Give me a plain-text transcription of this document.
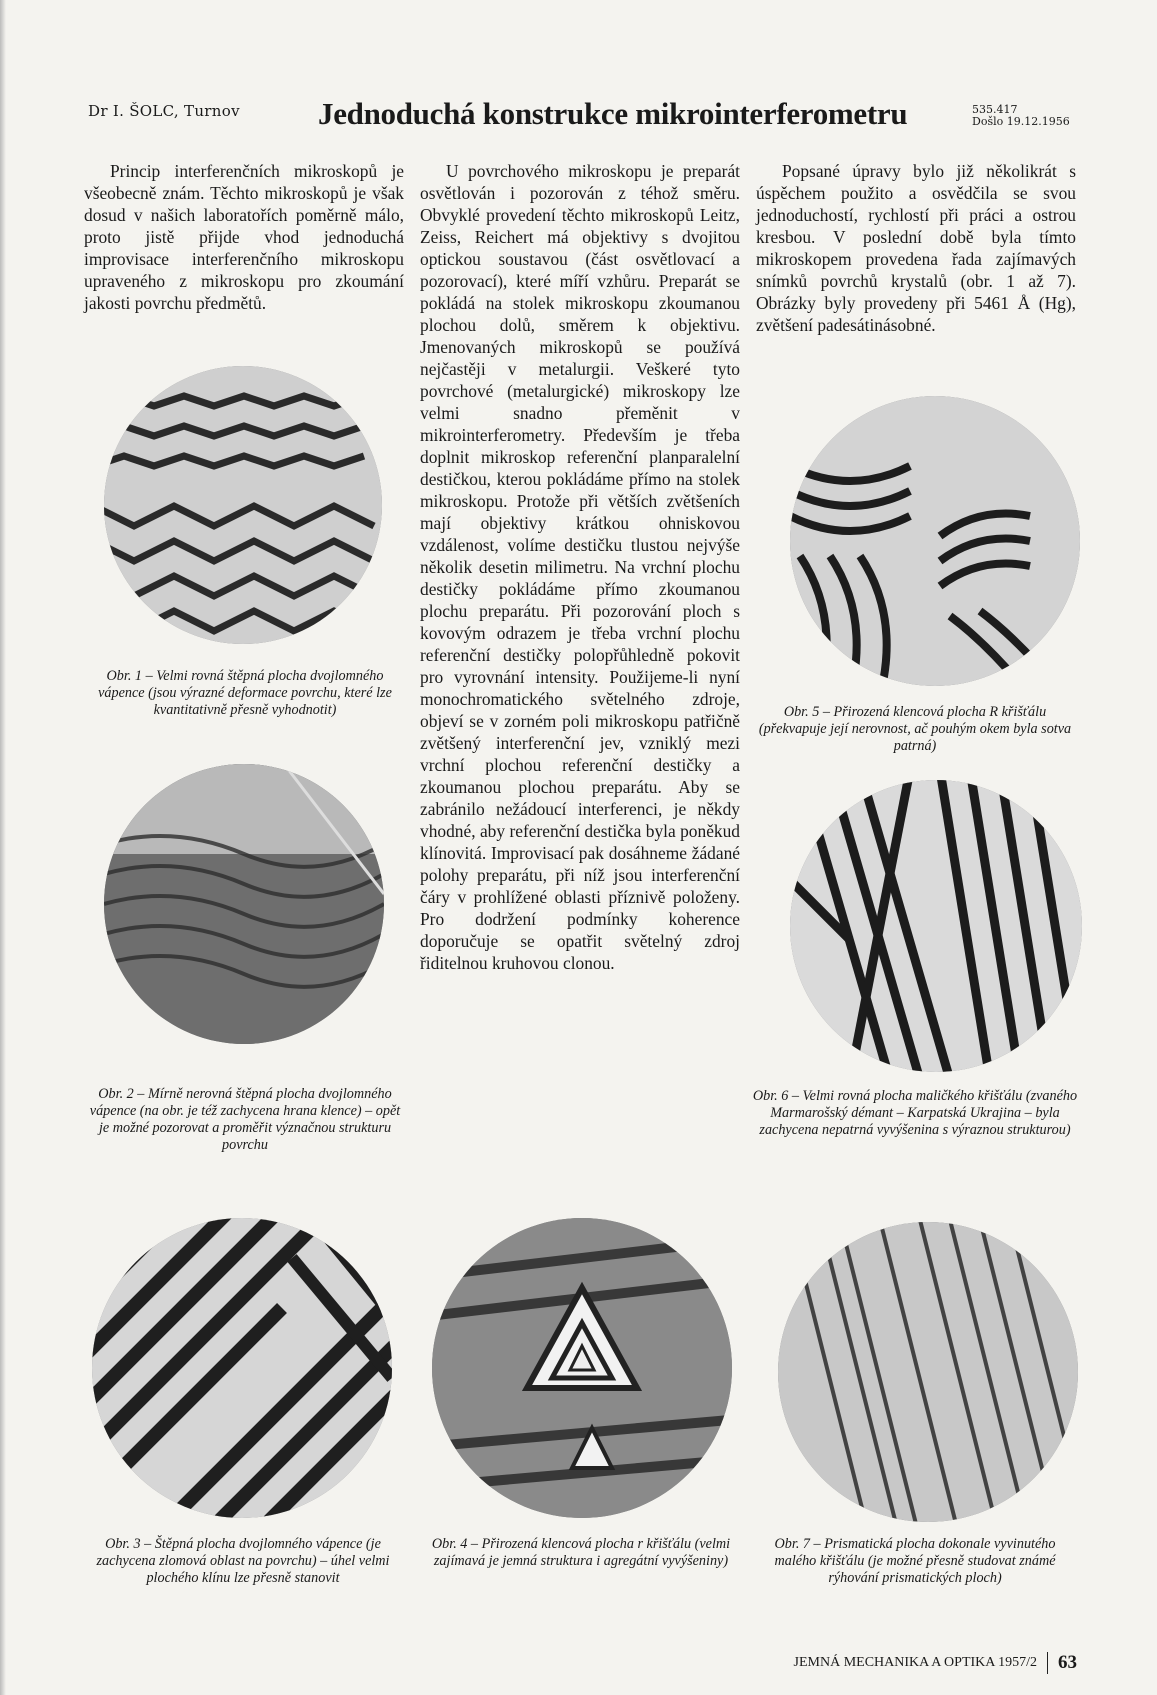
Dr I. ŠOLC, Turnov	Jednoduchá konstrukce mikrointerferometru	535.417
Došlo 19.12.1956

Princip interferenčních mikroskopů je všeobecně znám. Těchto mikroskopů je však dosud v našich laboratořích poměrně málo, proto jistě přijde vhod jednoduchá improvisace interferenčního mikroskopu upraveného z mikroskopu pro zkoumání jakosti povrchu předmětů.

U povrchového mikroskopu je preparát osvětlován i pozorován z téhož směru. Obvyklé provedení těchto mikroskopů Leitz, Zeiss, Reichert má objektivy s dvojitou optickou soustavou (část osvětlovací a pozorovací), které míří vzhůru. Preparát se pokládá na stolek mikroskopu zkoumanou plochou dolů, směrem k objektivu. Jmenovaných mikroskopů se používá nejčastěji v metalurgii. Veškeré tyto povrchové (metalurgické) mikroskopy lze velmi snadno přeměnit v mikrointerferometry. Především je třeba doplnit mikroskop referenční planparalelní destičkou, kterou pokládáme přímo na stolek mikroskopu. Protože při větších zvětšeních mají objektivy krátkou ohniskovou vzdálenost, volíme destičku tlustou nejvýše několik desetin milimetru. Na vrchní plochu destičky pokládáme přímo zkoumanou plochu preparátu. Při pozorování ploch s kovovým odrazem je třeba vrchní plochu referenční destičky polopřůhledně pokovit pro vyrovnání intensity. Použijeme-li nyní monochromatického světelného zdroje, objeví se v zorném poli mikroskopu patřičně zvětšený interferenční jev, vzniklý mezi vrchní plochou referenční destičky a zkoumanou plochou preparátu. Aby se zabránilo nežádoucí interferenci, je někdy vhodné, aby referenční destička byla poněkud klínovitá. Improvisací pak dosáhneme žádané polohy preparátu, při níž jsou interferenční čáry v prohlížené oblasti příznivě položeny. Pro dodržení podmínky koherence doporučuje se opatřit světelný zdroj řiditelnou kruhovou clonou.

Popsané úpravy bylo již několikrát s úspěchem použito a osvědčila se svou jednoduchostí, rychlostí při práci a ostrou kresbou. V poslední době byla tímto mikroskopem provedena řada zajímavých snímků povrchů krystalů (obr. 1 až 7). Obrázky byly provedeny při 5461 Å (Hg), zvětšení padesátinásobné.

Obr. 1 – Velmi rovná štěpná plocha dvojlomného vápence (jsou výrazné deformace povrchu, které lze kvantitativně přesně vyhodnotit)
Obr. 2 – Mírně nerovná štěpná plocha dvojlomného vápence (na obr. je též zachycena hrana klence) – opět je možné pozorovat a proměřit význačnou strukturu povrchu
Obr. 3 – Štěpná plocha dvojlomného vápence (je zachycena zlomová oblast na povrchu) – úhel velmi plochého klínu lze přesně stanovit
Obr. 4 – Přirozená klencová plocha r křišťálu (velmi zajímavá je jemná struktura i agregátní vyvýšeniny)
Obr. 5 – Přirozená klencová plocha R křišťálu (překvapuje její nerovnost, ač pouhým okem byla sotva patrná)
Obr. 6 – Velmi rovná plocha maličkého křišťálu (zvaného Marmarošský démant – Karpatská Ukrajina – byla zachycena nepatrná vyvýšenina s výraznou strukturou)
Obr. 7 – Prismatická plocha dokonale vyvinutého malého křišťálu (je možné přesně studovat známé rýhování prismatických ploch)
JEMNÁ MECHANIKA A OPTIKA 1957/2 63
